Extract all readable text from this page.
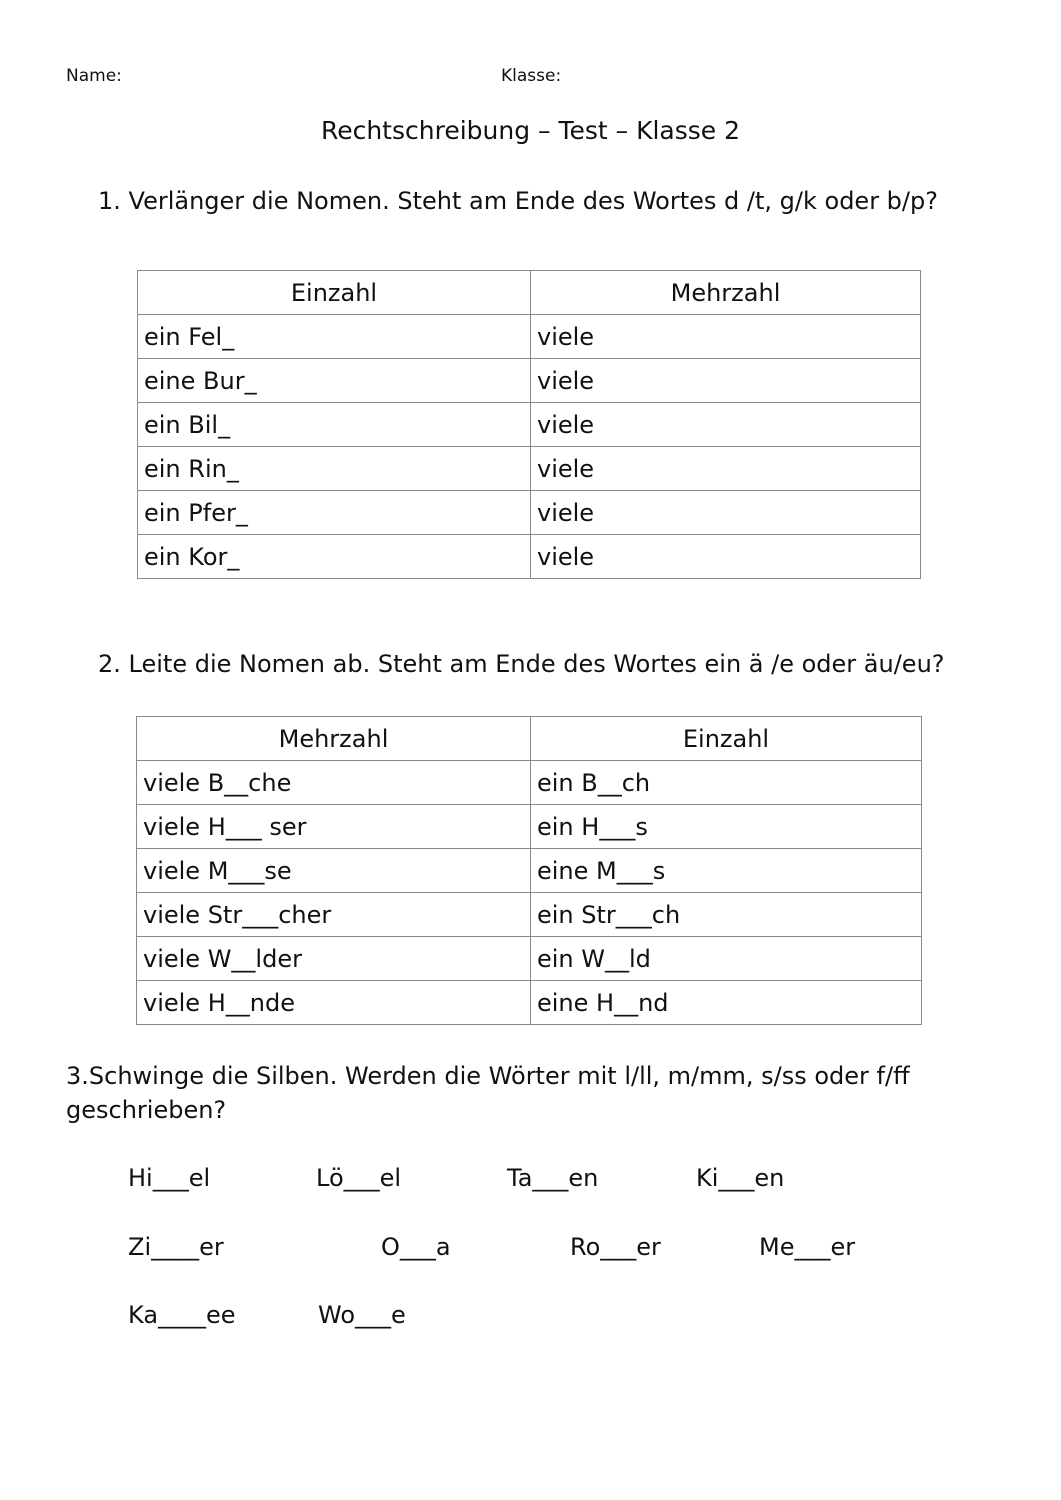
Name:	Klasse:

Rechtschreibung – Test – Klasse 2

1. Verlänger die Nomen. Steht am Ende des Wortes d /t, g/k oder b/p?

Einzahl	Mehrzahl
ein Fel_	viele
eine Bur_	viele
ein Bil_	viele
ein Rin_	viele
ein Pfer_	viele
ein Kor_	viele

2. Leite die Nomen ab. Steht am Ende des Wortes ein ä /e oder äu/eu?

Mehrzahl	Einzahl
viele B__che	ein B__ch
viele H___ ser	ein H___s
viele M___se	eine M___s
viele Str___cher	ein Str___ch
viele W__lder	ein W__ld
viele H__nde	eine H__nd

3.Schwinge die Silben. Werden die Wörter mit l/ll, m/mm, s/ss oder f/ff

geschrieben?

Hi___el	Lö___el	Ta___en	Ki___en
Zi____er	O___a	Ro___er	Me___er
Ka____ee	Wo___e
